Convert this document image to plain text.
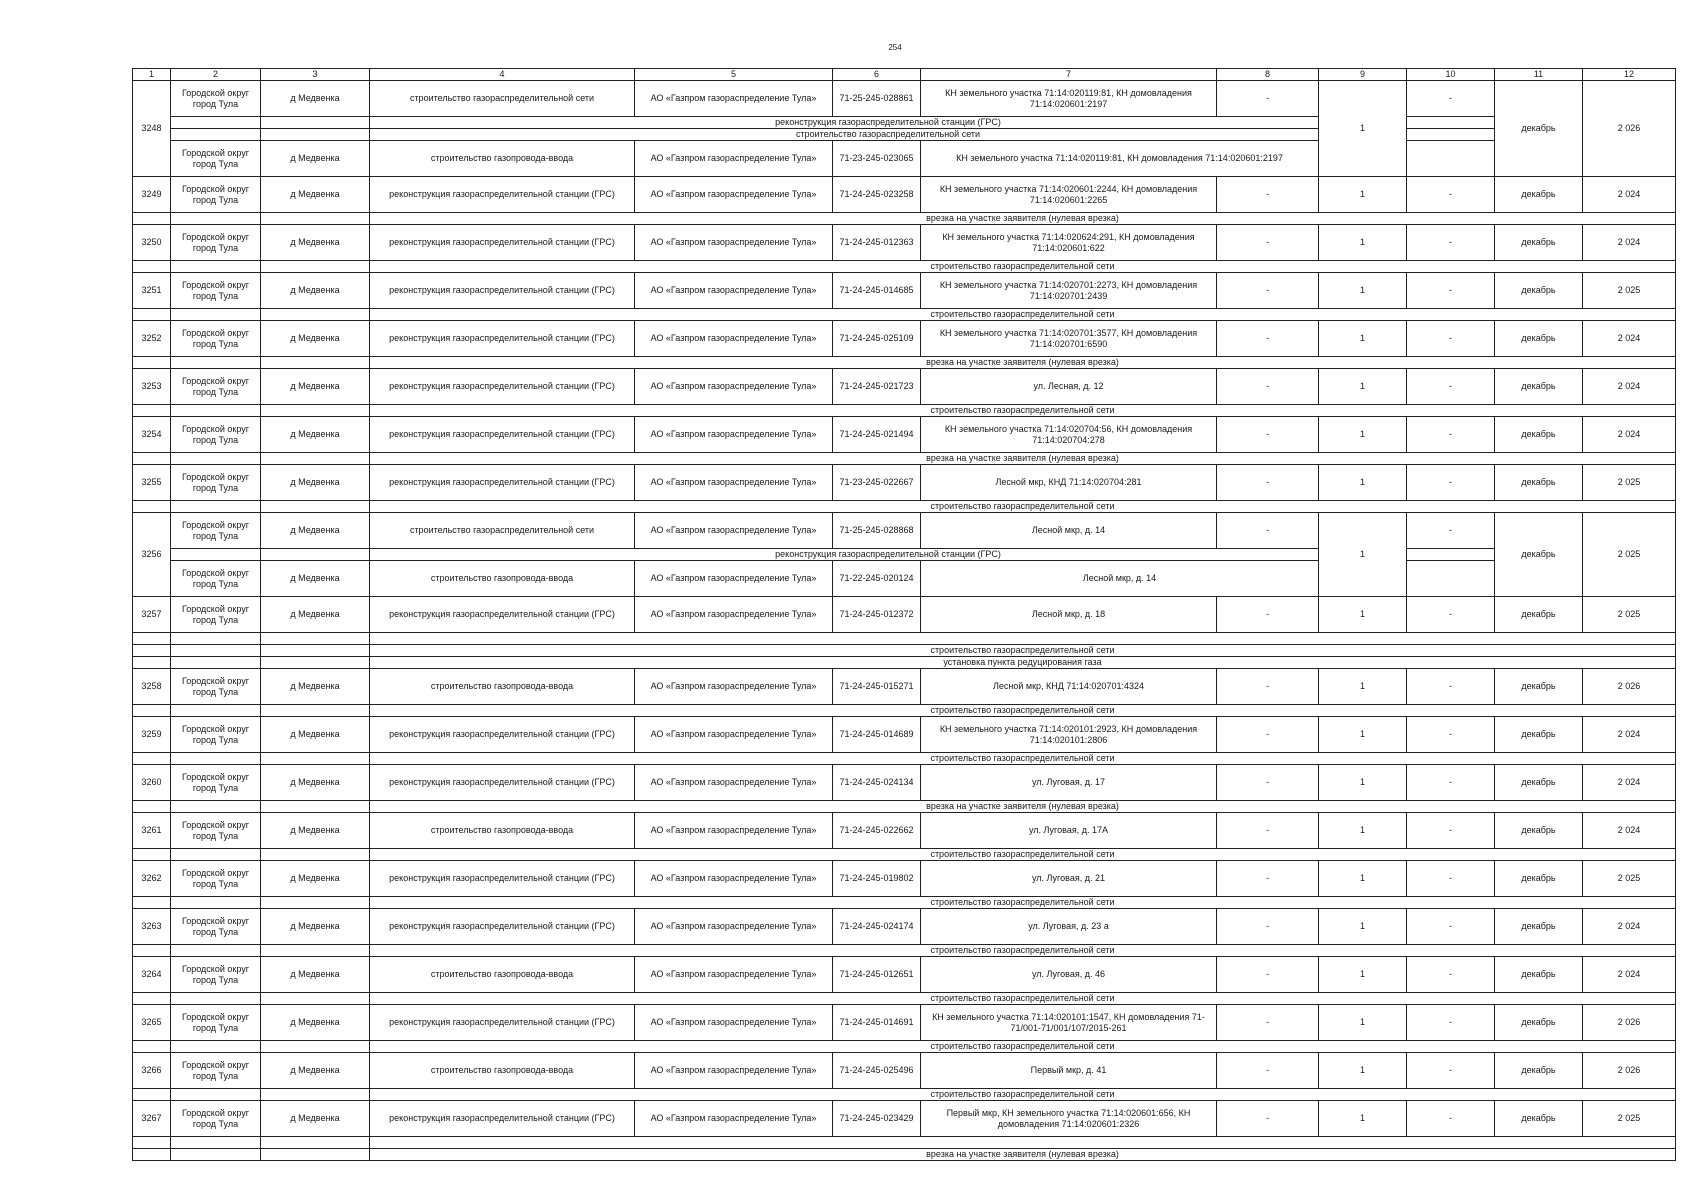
254
1	2	3	4	5	6	7	8	9	10	11	12
3248	Городской округ город Тула	д Медвенка	строительство газораспределительной сети	АО «Газпром газораспределение Тула»	71-25-245-028861	КН земельного участка 71:14:020119:81, КН домовладения 71:14:020601:2197	-	1	-	декабрь	2 026
			реконструкция газораспределительной станции (ГРС)								
			строительство газораспределительной сети								
	Городской округ город Тула	д Медвенка	строительство газопровода-ввода	АО «Газпром газораспределение Тула»	71-23-245-023065	КН земельного участка 71:14:020119:81, КН домовладения 71:14:020601:2197					
3249	Городской округ город Тула	д Медвенка	реконструкция газораспределительной станции (ГРС)	АО «Газпром газораспределение Тула»	71-24-245-023258	КН земельного участка 71:14:020601:2244, КН домовладения 71:14:020601:2265	-	1	-	декабрь	2 024
			врезка на участке заявителя (нулевая врезка)								
3250	Городской округ город Тула	д Медвенка	реконструкция газораспределительной станции (ГРС)	АО «Газпром газораспределение Тула»	71-24-245-012363	КН земельного участка 71:14:020624:291, КН домовладения 71:14:020601:622	-	1	-	декабрь	2 024
			строительство газораспределительной сети								
3251	Городской округ город Тула	д Медвенка	реконструкция газораспределительной станции (ГРС)	АО «Газпром газораспределение Тула»	71-24-245-014685	КН земельного участка 71:14:020701:2273, КН домовладения 71:14:020701:2439	-	1	-	декабрь	2 025
			строительство газораспределительной сети								
3252	Городской округ город Тула	д Медвенка	реконструкция газораспределительной станции (ГРС)	АО «Газпром газораспределение Тула»	71-24-245-025109	КН земельного участка 71:14:020701:3577, КН домовладения 71:14:020701:6590	-	1	-	декабрь	2 024
			врезка на участке заявителя (нулевая врезка)								
3253	Городской округ город Тула	д Медвенка	реконструкция газораспределительной станции (ГРС)	АО «Газпром газораспределение Тула»	71-24-245-021723	ул. Лесная, д. 12	-	1	-	декабрь	2 024
			строительство газораспределительной сети								
3254	Городской округ город Тула	д Медвенка	реконструкция газораспределительной станции (ГРС)	АО «Газпром газораспределение Тула»	71-24-245-021494	КН земельного участка 71:14:020704:56, КН домовладения 71:14:020704:278	-	1	-	декабрь	2 024
			врезка на участке заявителя (нулевая врезка)								
3255	Городской округ город Тула	д Медвенка	реконструкция газораспределительной станции (ГРС)	АО «Газпром газораспределение Тула»	71-23-245-022667	Лесной мкр, КНД 71:14:020704:281	-	1	-	декабрь	2 025
			строительство газораспределительной сети								
3256	Городской округ город Тула	д Медвенка	строительство газораспределительной сети	АО «Газпром газораспределение Тула»	71-25-245-028868	Лесной мкр, д. 14	-	1	-	декабрь	2 025
			реконструкция газораспределительной станции (ГРС)								
	Городской округ город Тула	д Медвенка	строительство газопровода-ввода	АО «Газпром газораспределение Тула»	71-22-245-020124	Лесной мкр, д. 14					
3257	Городской округ город Тула	д Медвенка	реконструкция газораспределительной станции (ГРС)	АО «Газпром газораспределение Тула»	71-24-245-012372	Лесной мкр, д. 18	-	1	-	декабрь	2 025

			строительство газораспределительной сети								
			установка пункта редуцирования газа								
3258	Городской округ город Тула	д Медвенка	строительство газопровода-ввода	АО «Газпром газораспределение Тула»	71-24-245-015271	Лесной мкр, КНД 71:14:020701:4324	-	1	-	декабрь	2 026
			строительство газораспределительной сети								
3259	Городской округ город Тула	д Медвенка	реконструкция газораспределительной станции (ГРС)	АО «Газпром газораспределение Тула»	71-24-245-014689	КН земельного участка 71:14:020101:2923, КН домовладения 71:14:020101:2806	-	1	-	декабрь	2 024
			строительство газораспределительной сети								
3260	Городской округ город Тула	д Медвенка	реконструкция газораспределительной станции (ГРС)	АО «Газпром газораспределение Тула»	71-24-245-024134	ул. Луговая, д. 17	-	1	-	декабрь	2 024
			врезка на участке заявителя (нулевая врезка)								
3261	Городской округ город Тула	д Медвенка	строительство газопровода-ввода	АО «Газпром газораспределение Тула»	71-24-245-022662	ул. Луговая, д. 17А	-	1	-	декабрь	2 024
			строительство газораспределительной сети								
3262	Городской округ город Тула	д Медвенка	реконструкция газораспределительной станции (ГРС)	АО «Газпром газораспределение Тула»	71-24-245-019802	ул. Луговая, д. 21	-	1	-	декабрь	2 025
			строительство газораспределительной сети								
3263	Городской округ город Тула	д Медвенка	реконструкция газораспределительной станции (ГРС)	АО «Газпром газораспределение Тула»	71-24-245-024174	ул. Луговая, д. 23 а	-	1	-	декабрь	2 024
			строительство газораспределительной сети								
3264	Городской округ город Тула	д Медвенка	строительство газопровода-ввода	АО «Газпром газораспределение Тула»	71-24-245-012651	ул. Луговая, д. 46	-	1	-	декабрь	2 024
			строительство газораспределительной сети								
3265	Городской округ город Тула	д Медвенка	реконструкция газораспределительной станции (ГРС)	АО «Газпром газораспределение Тула»	71-24-245-014691	КН земельного участка 71:14:020101:1547, КН домовладения 71-71/001-71/001/107/2015-261	-	1	-	декабрь	2 026
			строительство газораспределительной сети								
3266	Городской округ город Тула	д Медвенка	строительство газопровода-ввода	АО «Газпром газораспределение Тула»	71-24-245-025496	Первый мкр, д. 41	-	1	-	декабрь	2 026
			строительство газораспределительной сети								
3267	Городской округ город Тула	д Медвенка	реконструкция газораспределительной станции (ГРС)	АО «Газпром газораспределение Тула»	71-24-245-023429	Первый мкр, КН земельного участка 71:14:020601:656, КН домовладения 71:14:020601:2326	-	1	-	декабрь	2 025

			врезка на участке заявителя (нулевая врезка)								
